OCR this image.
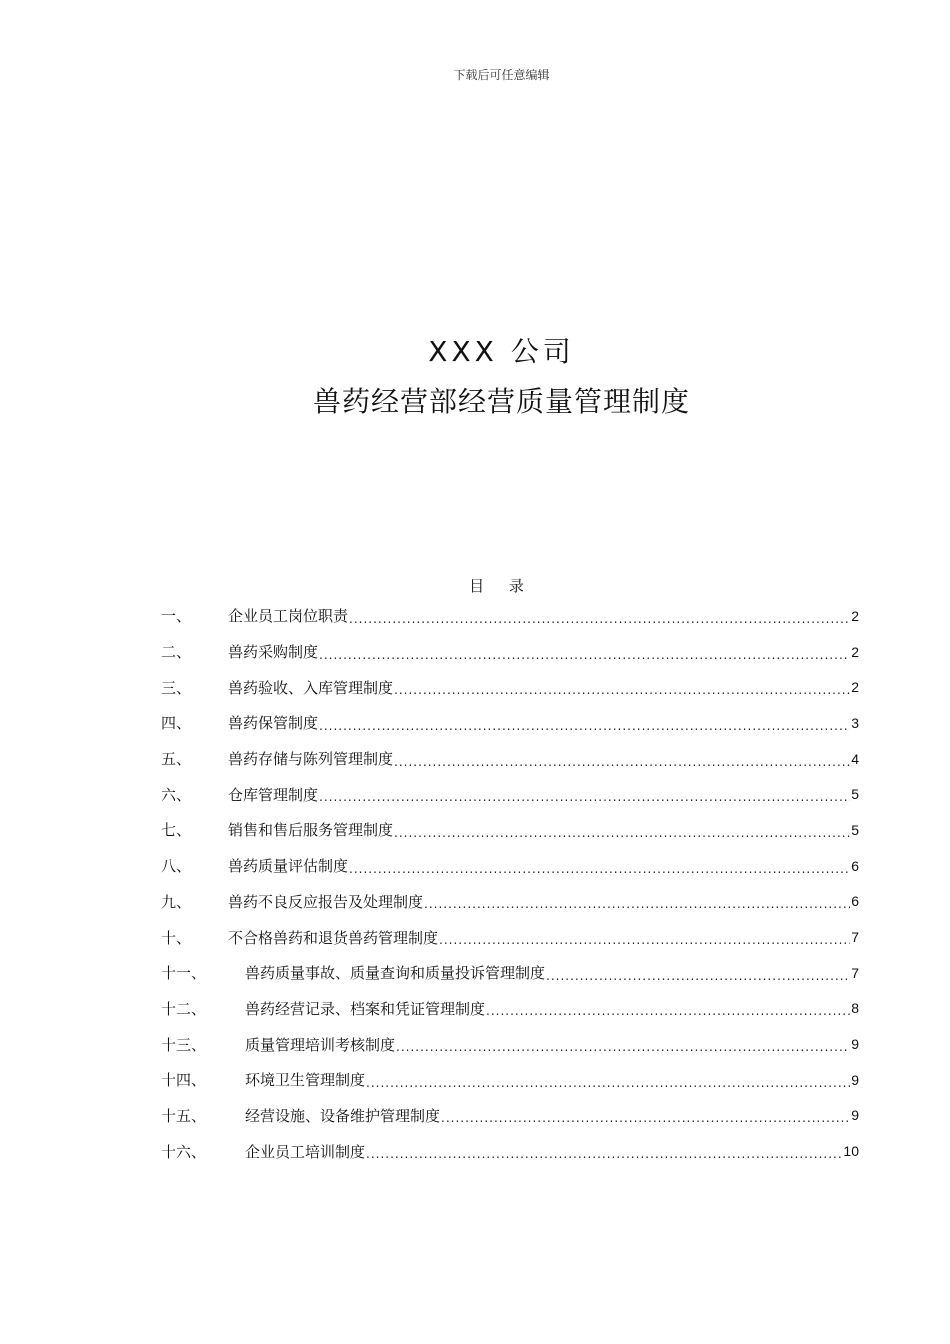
下载后可任意编辑
XXX 公司
兽药经营部经营质量管理制度
目 录
一、	企业员工岗位职责 .....	2
二、	兽药采购制度 .....	2
三、	兽药验收、入库管理制度 .....	2
四、	兽药保管制度 .....	3
五、	兽药存储与陈列管理制度 .....	4
六、	仓库管理制度 .....	5
七、	销售和售后服务管理制度 .....	5
八、	兽药质量评估制度 .....	6
九、	兽药不良反应报告及处理制度 .....	6
十、	不合格兽药和退货兽药管理制度 .....	7
十一、	兽药质量事故、质量查询和质量投诉管理制度 .....	7
十二、	兽药经营记录、档案和凭证管理制度 .....	8
十三、	质量管理培训考核制度 .....	9
十四、	环境卫生管理制度 .....	9
十五、	经营设施、设备维护管理制度 .....	9
十六、	企业员工培训制度 .....	10
